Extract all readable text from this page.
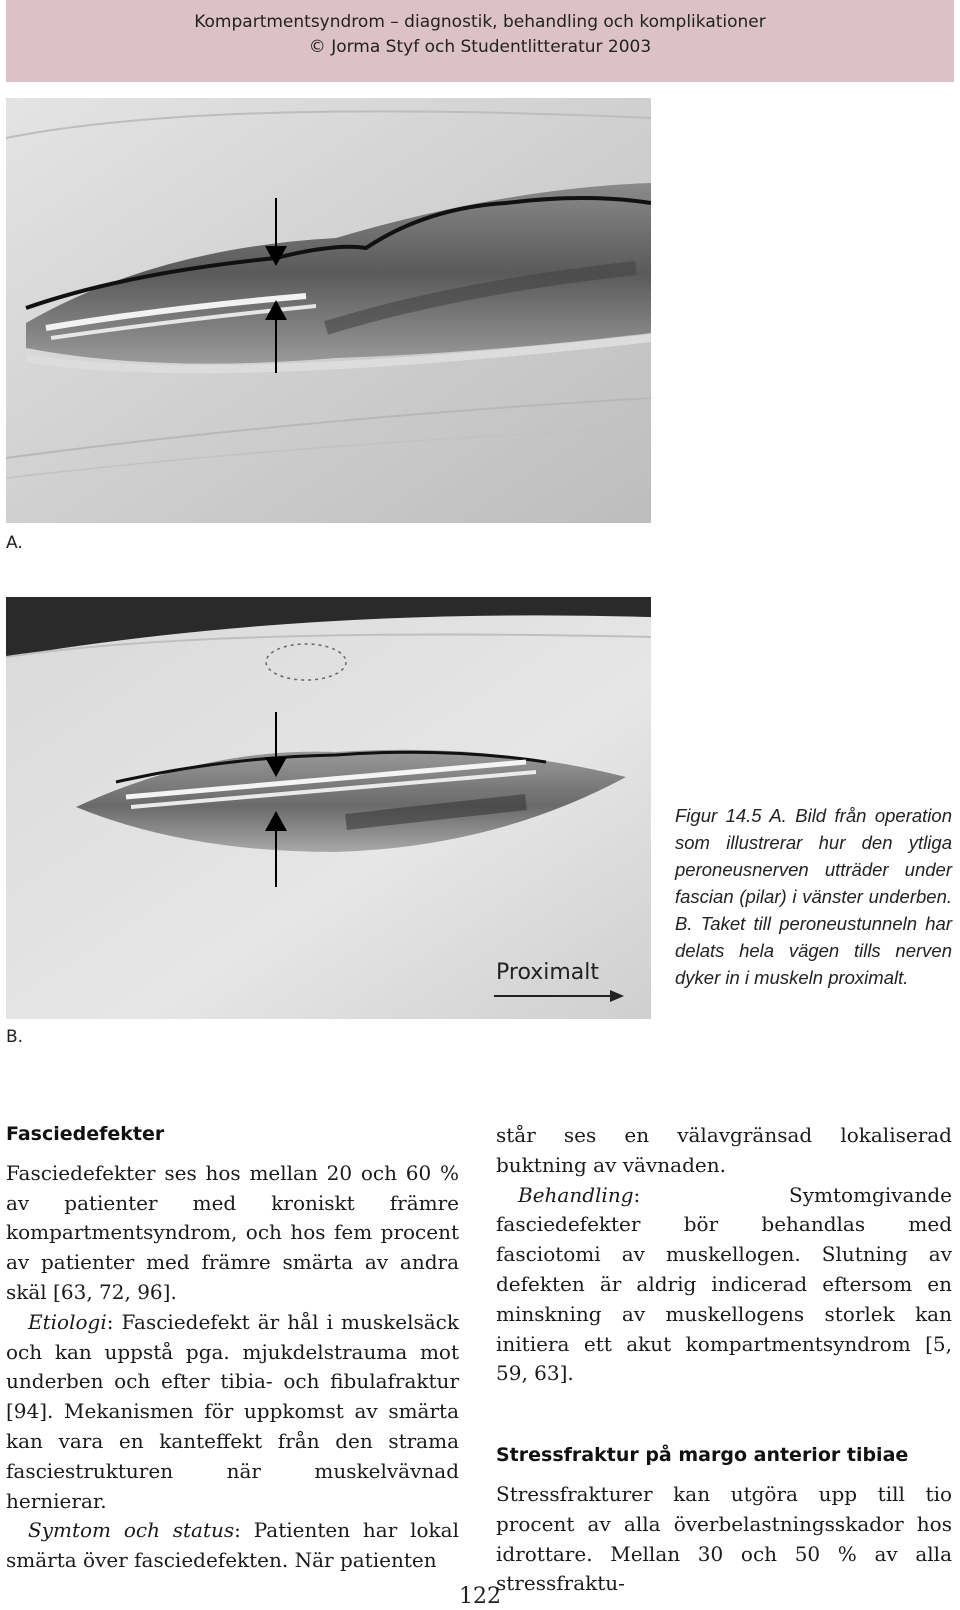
Kompartmentsyndrom – diagnostik, behandling och komplikationer
© Jorma Styf och Studentlitteratur 2003
A.
B.
Proximalt
Figur 14.5 A. Bild från operation som illustrerar hur den ytliga peroneusnerven utträder under fascian (pilar) i vänster underben. B. Taket till peroneustunneln har delats hela vägen tills nerven dyker in i muskeln proximalt.
Fasciedefekter

Fasciedefekter ses hos mellan 20 och 60 % av patienter med kroniskt främre kompartmentsyndrom, och hos fem procent av patienter med främre smärta av andra skäl [63, 72, 96].

Etiologi: Fasciedefekt är hål i muskelsäck och kan uppstå pga. mjukdelstrauma mot underben och efter tibia- och fibulafraktur [94]. Mekanismen för uppkomst av smärta kan vara en kanteffekt från den strama fasciestrukturen när muskelvävnad hernierar.

Symtom och status: Patienten har lokal smärta över fasciedefekten. När patienten

står ses en välavgränsad lokaliserad buktning av vävnaden.

Behandling: Symtomgivande fasciedefekter bör behandlas med fasciotomi av muskellogen. Slutning av defekten är aldrig indicerad eftersom en minskning av muskellogens storlek kan initiera ett akut kompartmentsyndrom [5, 59, 63].

Stressfraktur på margo anterior tibiae

Stressfrakturer kan utgöra upp till tio procent av alla överbelastningsskador hos idrottare. Mellan 30 och 50 % av alla stressfraktu-

122
